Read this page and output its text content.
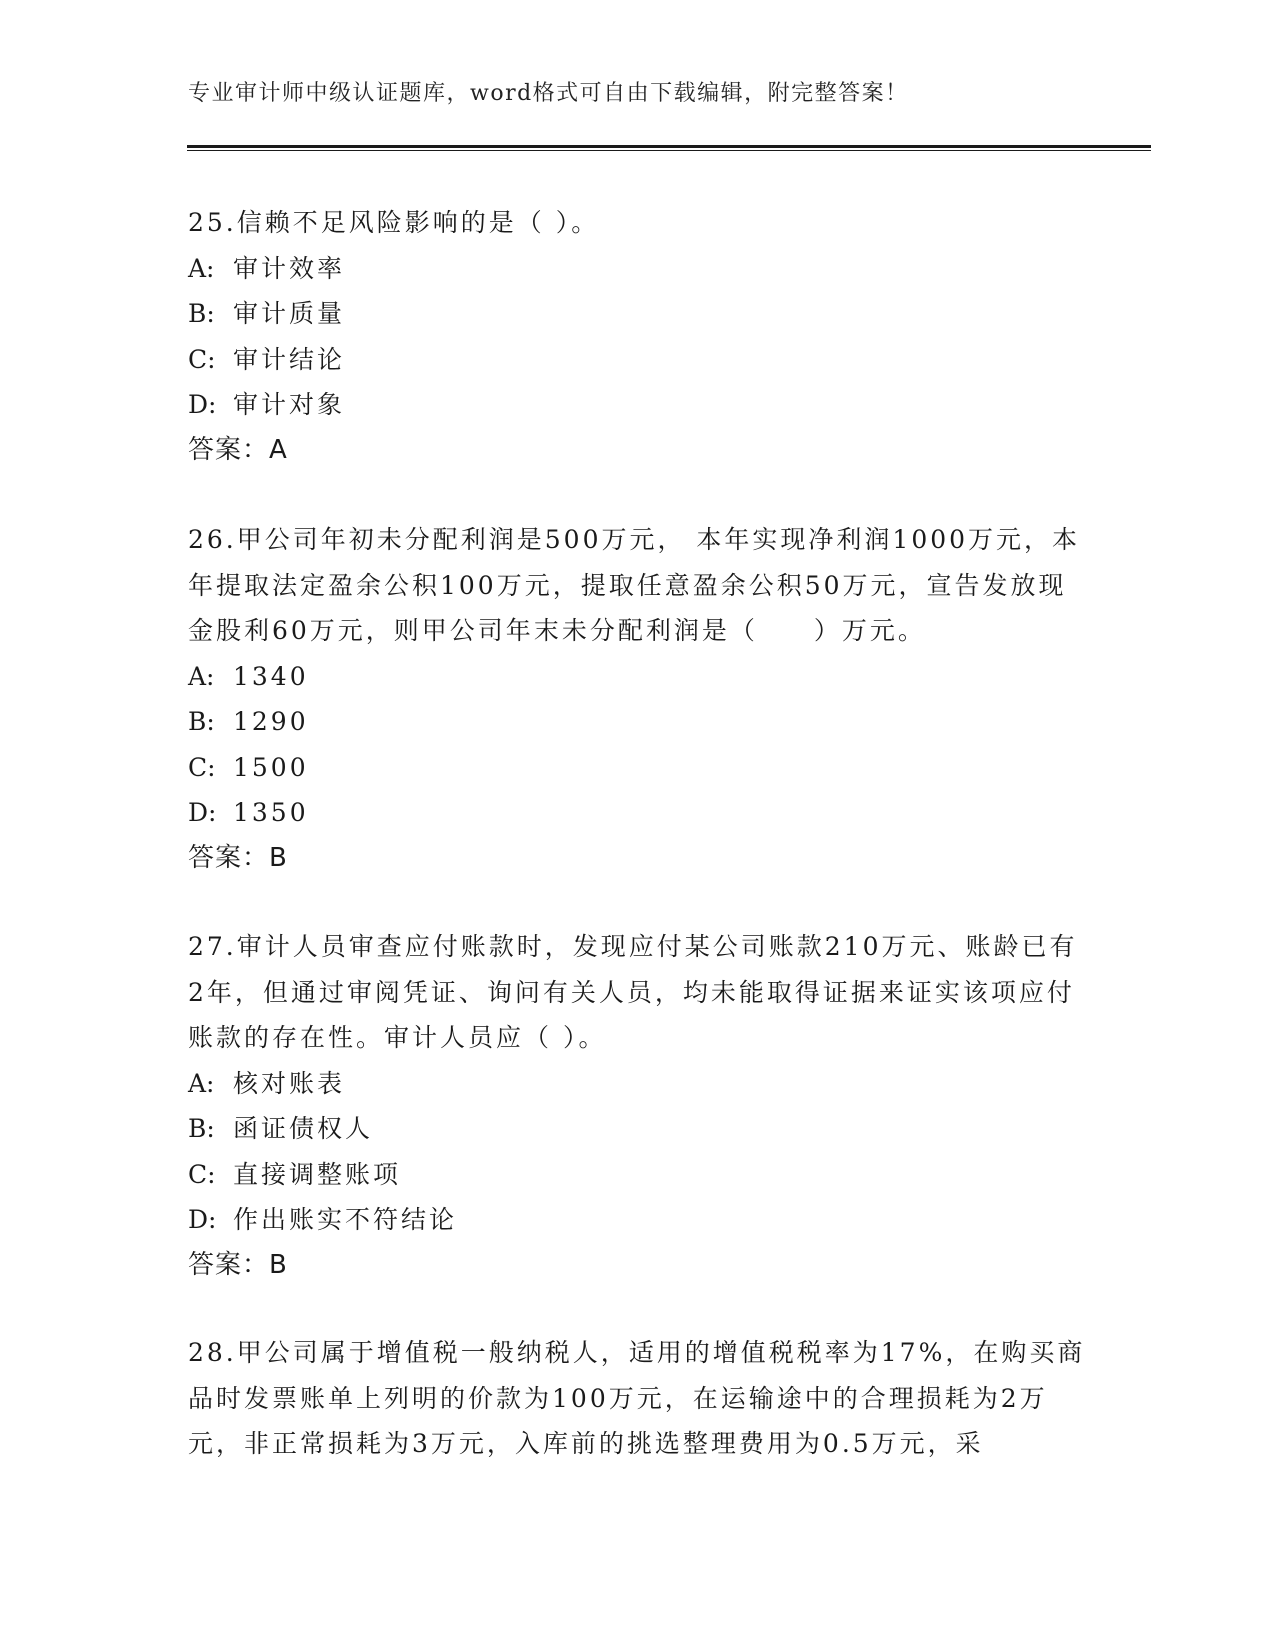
专业审计师中级认证题库，word格式可自由下载编辑，附完整答案！

25.信赖不足风险影响的是（ ）。

A: 审计效率

B: 审计质量

C: 审计结论

D: 审计对象

答案：A

26.甲公司年初未分配利润是500万元， 本年实现净利润1000万元，本年提取法定盈余公积100万元，提取任意盈余公积50万元，宣告发放现金股利60万元，则甲公司年末未分配利润是（　　）万元。

A: 1340

B: 1290

C: 1500

D: 1350

答案：B

27.审计人员审查应付账款时，发现应付某公司账款210万元、账龄已有2年，但通过审阅凭证、询问有关人员，均未能取得证据来证实该项应付账款的存在性。审计人员应（ ）。

A: 核对账表

B: 函证债权人

C: 直接调整账项

D: 作出账实不符结论

答案：B

28.甲公司属于增值税一般纳税人，适用的增值税税率为17%，在购买商品时发票账单上列明的价款为100万元，在运输途中的合理损耗为2万元，非正常损耗为3万元，入库前的挑选整理费用为0.5万元，采
